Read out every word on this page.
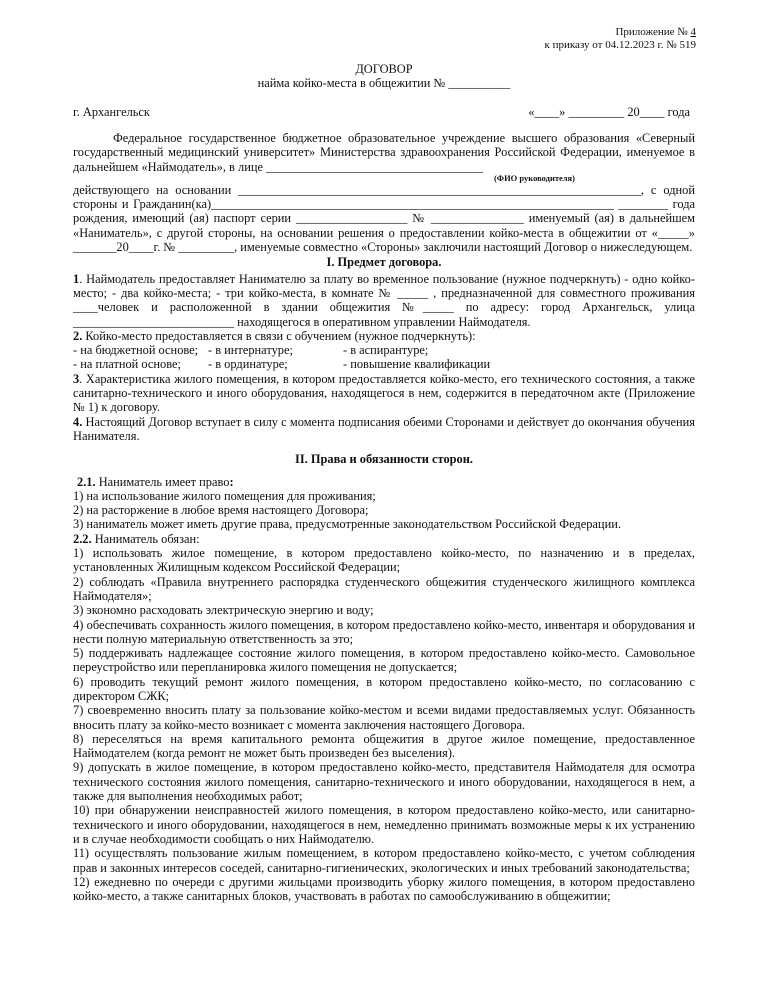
Приложение № 4
к приказу от 04.12.2023 г. № 519
ДОГОВОР
найма койко-места в общежитии № __________
г. Архангельск	«____» _________ 20____ года

Федеральное государственное бюджетное образовательное учреждение высшего образования «Северный государственный медицинский университет» Министерства здравоохранения Российской Федерации, именуемое в дальнейшем «Наймодатель», в лице ___________________________________

(ФИО руководителя)

действующего на основании _________________________________________________________________, с одной стороны и Гражданин(ка)_________________________________________________________________ ________ года рождения, имеющий (ая) паспорт серии __________________ № _______________ именуемый (ая) в дальнейшем «Наниматель», с другой стороны, на основании решения о предоставлении койко-места в общежитии от «_____» _______20____г. № _________, именуемые совместно «Стороны» заключили настоящий Договор о нижеследующем.

I. Предмет договора.

1. Наймодатель предоставляет Нанимателю за плату во временное пользование (нужное подчеркнуть) - одно койко-место; - два койко-места; - три койко-места, в комнате № _____ , предназначенной для совместного проживания ____человек и расположенной в здании общежития №_____ по адресу: город Архангельск, улица __________________________ находящегося в оперативном управлении Наймодателя.

2. Койко-место предоставляется в связи с обучением (нужное подчеркнуть):

- на бюджетной основе; - в интернатуре;	- в аспирантуре;
- на платной основе;	- в ординатуре;	- повышение квалификации

3. Характеристика жилого помещения, в котором предоставляется койко-место, его технического состояния, а также санитарно-технического и иного оборудования, находящегося в нем, содержится в передаточном акте (Приложение № 1) к договору.

4. Настоящий Договор вступает в силу с момента подписания обеими Сторонами и действует до окончания обучения Нанимателя.

II. Права и обязанности сторон.

2.1. Наниматель имеет право:

1) на использование жилого помещения для проживания;

2) на расторжение в любое время настоящего Договора;

3) наниматель может иметь другие права, предусмотренные законодательством Российской Федерации.

2.2. Наниматель обязан:

1) использовать жилое помещение, в котором предоставлено койко-место, по назначению и в пределах, установленных Жилищным кодексом Российской Федерации;

2) соблюдать «Правила внутреннего распорядка студенческого общежития студенческого жилищного комплекса Наймодателя»;

3) экономно расходовать электрическую энергию и воду;

4) обеспечивать сохранность жилого помещения, в котором предоставлено койко-место, инвентаря и оборудования и нести полную материальную ответственность за это;

5) поддерживать надлежащее состояние жилого помещения, в котором предоставлено койко-место. Самовольное переустройство или перепланировка жилого помещения не допускается;

6) проводить текущий ремонт жилого помещения, в котором предоставлено койко-место, по согласованию с директором СЖК;

7) своевременно вносить плату за пользование койко-местом и всеми видами предоставляемых услуг. Обязанность вносить плату за койко-место возникает с момента заключения настоящего Договора.

8) переселяться на время капитального ремонта общежития в другое жилое помещение, предоставленное Наймодателем (когда ремонт не может быть произведен без выселения).

9) допускать в жилое помещение, в котором предоставлено койко-место, представителя Наймодателя для осмотра технического состояния жилого помещения, санитарно-технического и иного оборудовании, находящегося в нем, а также для выполнения необходимых работ;

10) при обнаружении неисправностей жилого помещения, в котором предоставлено койко-место, или санитарно-технического и иного оборудовании, находящегося в нем, немедленно принимать возможные меры к их устранению и в случае необходимости сообщать о них Наймодателю.

11) осуществлять пользование жилым помещением, в котором предоставлено койко-место, с учетом соблюдения прав и законных интересов соседей, санитарно-гигиенических, экологических и иных требований законодательства;

12) ежедневно по очереди с другими жильцами производить уборку жилого помещения, в котором предоставлено койко-место, а также санитарных блоков, участвовать в работах по самообслуживанию в общежитии;
